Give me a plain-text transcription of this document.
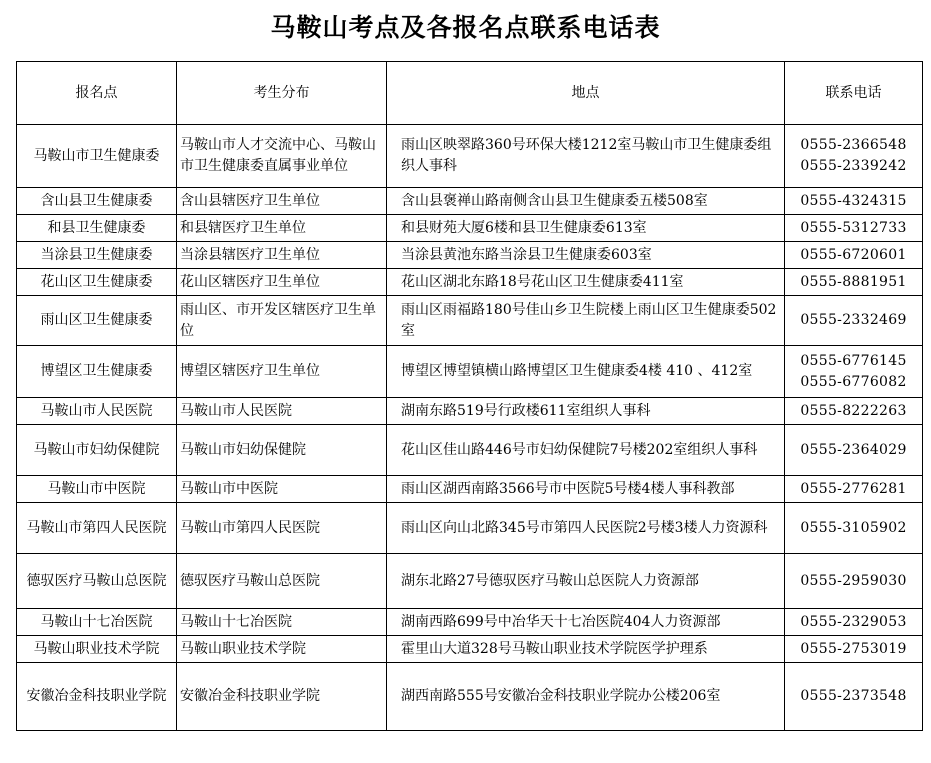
马鞍山考点及各报名点联系电话表
报名点	考生分布	地点	联系电话
马鞍山市卫生健康委	马鞍山市人才交流中心、马鞍山市卫生健康委直属事业单位	雨山区映翠路360号环保大楼1212室马鞍山市卫生健康委组织人事科	0555-2366548
0555-2339242

含山县卫生健康委	含山县辖医疗卫生单位	含山县褒禅山路南侧含山县卫生健康委五楼508室	0555-4324315

和县卫生健康委	和县辖医疗卫生单位	和县财苑大厦6楼和县卫生健康委613室	0555-5312733

当涂县卫生健康委	当涂县辖医疗卫生单位	当涂县黄池东路当涂县卫生健康委603室	0555-6720601

花山区卫生健康委	花山区辖医疗卫生单位	花山区湖北东路18号花山区卫生健康委411室	0555-8881951

雨山区卫生健康委	雨山区、市开发区辖医疗卫生单位	雨山区雨福路180号佳山乡卫生院楼上雨山区卫生健康委502室	0555-2332469

博望区卫生健康委	博望区辖医疗卫生单位	博望区博望镇横山路博望区卫生健康委4楼 410 、412室	0555-6776145
0555-6776082

马鞍山市人民医院	马鞍山市人民医院	湖南东路519号行政楼611室组织人事科	0555-8222263

马鞍山市妇幼保健院	马鞍山市妇幼保健院	花山区佳山路446号市妇幼保健院7号楼202室组织人事科	0555-2364029

马鞍山市中医院	马鞍山市中医院	雨山区湖西南路3566号市中医院5号楼4楼人事科教部	0555-2776281

马鞍山市第四人民医院	马鞍山市第四人民医院	雨山区向山北路345号市第四人民医院2号楼3楼人力资源科	0555-3105902

德驭医疗马鞍山总医院	德驭医疗马鞍山总医院	湖东北路27号德驭医疗马鞍山总医院人力资源部	0555-2959030

马鞍山十七冶医院	马鞍山十七冶医院	湖南西路699号中冶华天十七冶医院404人力资源部	0555-2329053

马鞍山职业技术学院	马鞍山职业技术学院	霍里山大道328号马鞍山职业技术学院医学护理系	0555-2753019

安徽冶金科技职业学院	安徽冶金科技职业学院	湖西南路555号安徽冶金科技职业学院办公楼206室	0555-2373548
